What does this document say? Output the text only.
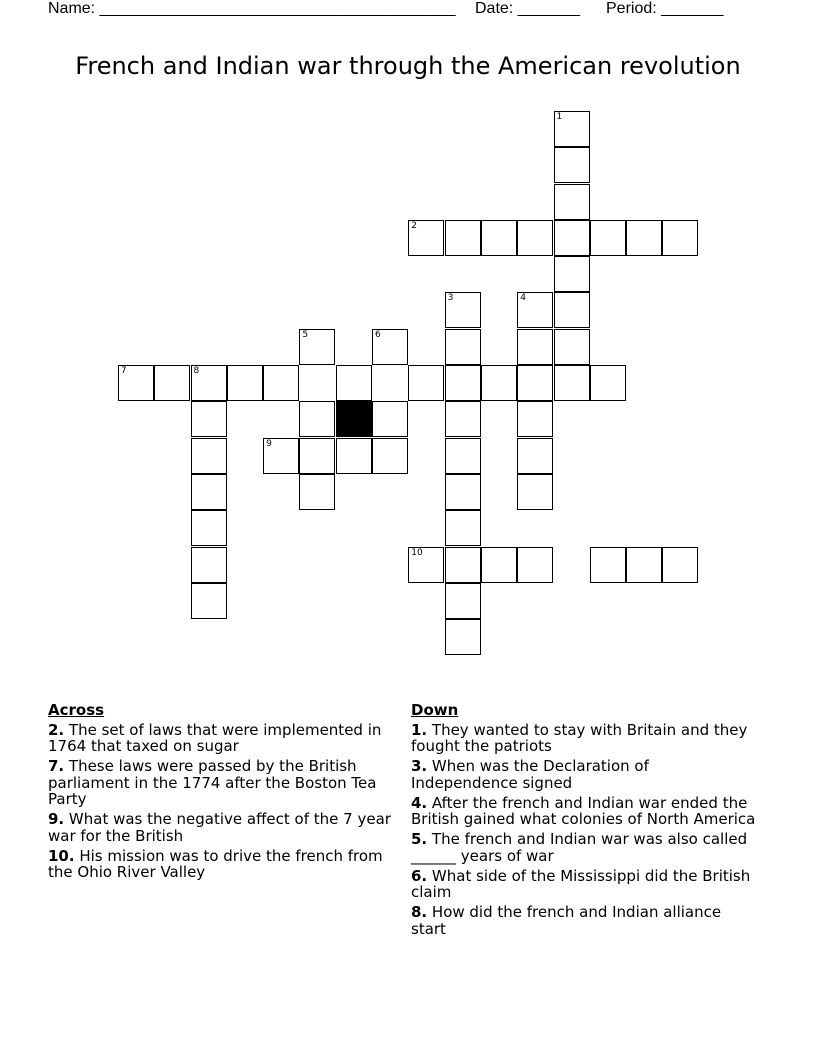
Name: ________________________________________ Date: _______ Period: _______
French and Indian war through the American revolution
1
2
3	4
5	6
7	8
9
10
Across
2. The set of laws that were implemented in 1764 that taxed on sugar
7. These laws were passed by the British parliament in the 1774 after the Boston Tea Party
9. What was the negative affect of the 7 year war for the British
10. His mission was to drive the french from the Ohio River Valley
Down
1. They wanted to stay with Britain and they fought the patriots
3. When was the Declaration of Independence signed
4. After the french and Indian war ended the British gained what colonies of North America
5. The french and Indian war was also called ______ years of war
6. What side of the Mississippi did the British claim
8. How did the french and Indian alliance start
